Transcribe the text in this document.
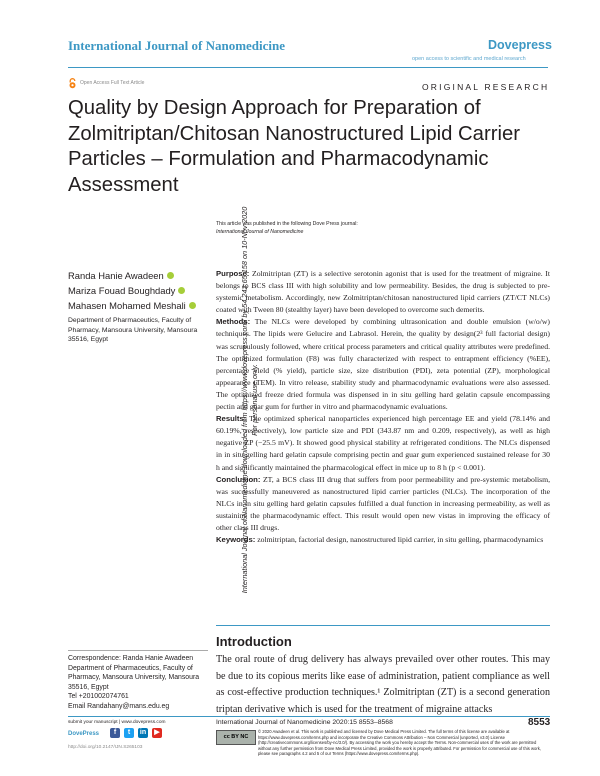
International Journal of Nanomedicine	Dovepress
open access to scientific and medical research
Open Access Full Text Article	ORIGINAL RESEARCH
Quality by Design Approach for Preparation of Zolmitriptan/Chitosan Nanostructured Lipid Carrier Particles – Formulation and Pharmacodynamic Assessment
This article was published in the following Dove Press journal:
International Journal of Nanomedicine
International Journal of Nanomedicine downloaded from https://www.dovepress.com/ by 54.242.65.158 on 10-Nov-2020 For personal use only.
Randa Hanie Awadeen
Mariza Fouad Boughdady
Mahasen Mohamed Meshali
Department of Pharmaceutics, Faculty of Pharmacy, Mansoura University, Mansoura 35516, Egypt

Purpose: Zolmitriptan (ZT) is a selective serotonin agonist that is used for the treatment of migraine. It belongs to BCS class III with high solubility and low permeability. Besides, the drug is subjected to pre-systemic metabolism. Accordingly, new Zolmitriptan/chitosan nanostructured lipid carriers (ZT/CT NLCs) coated with Tween 80 (stealthy layer) have been developed to overcome such demerits.

Methods: The NLCs were developed by combining ultrasonication and double emulsion (w/o/w) techniques. The lipids were Gelucire and Labrasol. Herein, the quality by design(2³ full factorial design) was scrupulously followed, where critical process parameters and critical quality attributes were predefined. The optimized formulation (F8) was fully characterized with respect to entrapment efficiency (%EE), percentage yield (% yield), particle size, size distribution (PDI), zeta potential (ZP), morphological appearance (TEM). In vitro release, stability study and pharmacodynamic evaluations were also assessed. The optimized freeze dried formula was dispensed in in situ gelling hard gelatin capsule encompassing pectin and guar gum for further in vitro and pharmacodynamic evaluations.

Results: The optimized spherical nanoparticles experienced high percentage EE and yield (78.14% and 60.19%, respectively), low particle size and PDI (343.87 nm and 0.209, respectively), as well as high negative ZP (−25.5 mV). It showed good physical stability at refrigerated conditions. The NLCs dispensed in in situ gelling hard gelatin capsule comprising pectin and guar gum experienced sustained release for 30 h and significantly maintained the pharmacological effect in mice up to 8 h (p < 0.001).

Conclusion: ZT, a BCS class III drug that suffers from poor permeability and pre-systemic metabolism, was successfully maneuvered as nanostructured lipid carrier particles (NLCs). The incorporation of the NLCs in in situ gelling hard gelatin capsules fulfilled a dual function in increasing permeability, as well as sustaining the pharmacodynamic effect. This result would open new vistas in improving the efficacy of other class III drugs.

Keywords: zolmitriptan, factorial design, nanostructured lipid carrier, in situ gelling, pharmacodynamics

Introduction
The oral route of drug delivery has always prevailed over other routes. This may be due to its copious merits like ease of administration, patient compliance as well as cost-effective production techniques.¹ Zolmitriptan (ZT) is a second generation triptan derivative which is used for the treatment of migraine attacks
Correspondence: Randa Hanie Awadeen
Department of Pharmaceutics, Faculty of Pharmacy, Mansoura University, Mansoura 35516, Egypt
Tel +201002074761
Email Randahany@mans.edu.eg
submit your manuscript | www.dovepress.com
DovePress	f	t	in	▶
http://doi.org/10.2147/IJN.S265103
International Journal of Nanomedicine 2020:15 8553–8568	8553
cc BY NC
© 2020 Awadeen et al. This work is published and licensed by Dove Medical Press Limited. The full terms of this license are available at https://www.dovepress.com/terms.php and incorporate the Creative Commons Attribution – Non Commercial (unported, v3.0) License (http://creativecommons.org/licenses/by-nc/3.0/). By accessing the work you hereby accept the Terms. Non-commercial uses of the work are permitted without any further permission from Dove Medical Press Limited, provided the work is properly attributed. For permission for commercial use of this work, please see paragraphs 4.2 and 5 of our Terms (https://www.dovepress.com/terms.php).
